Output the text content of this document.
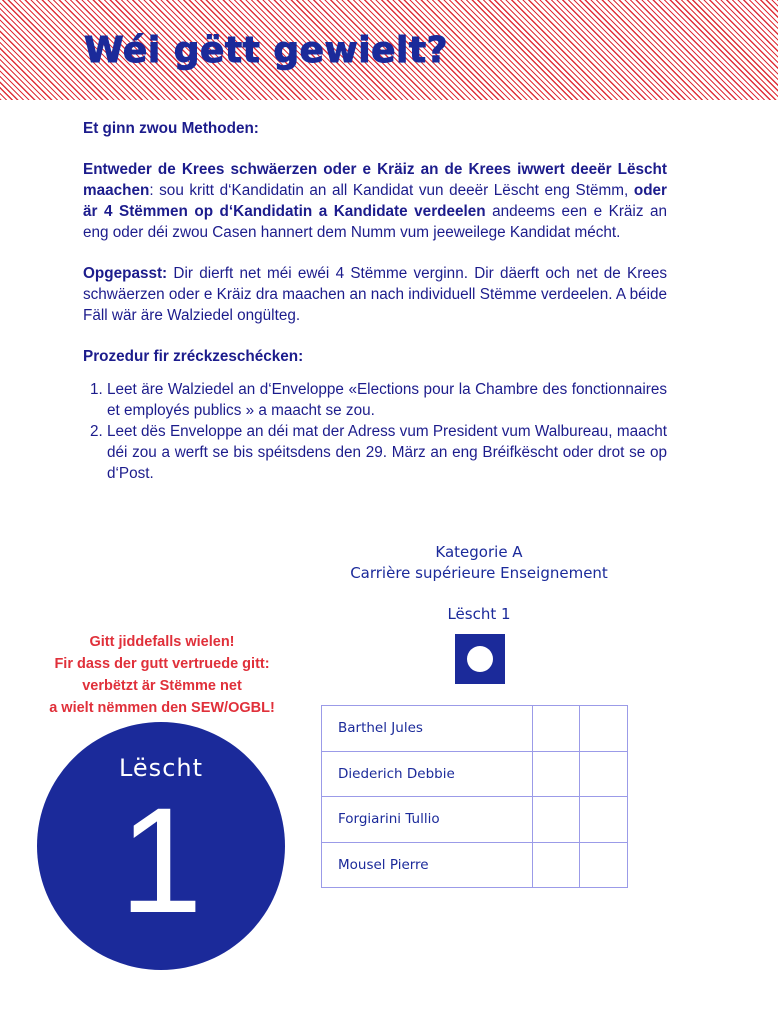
Wéi gëtt gewielt?

Et ginn zwou Methoden:

Entweder de Krees schwäerzen oder e Kräiz an de Krees iwwert deeër Lëscht maachen: sou kritt d‘Kandidatin an all Kandidat vun deeër Lëscht eng Stëmm, oder är 4 Stëmmen op d‘Kandidatin a Kandidate verdeelen andeems een e Kräiz an eng oder déi zwou Casen hannert dem Numm vum jeeweilege Kandidat mécht.

Opgepasst: Dir dierft net méi ewéi 4 Stëmme verginn. Dir däerft och net de Krees schwäerzen oder e Kräiz dra maachen an nach individuell Stëmme verdeelen. A béide Fäll wär äre Walziedel ongülteg.

Prozedur fir zréckzeschécken:

1. Leet äre Walziedel an d‘Enveloppe «Elections pour la Chambre des fonctionnaires et employés publics » a maacht se zou.
2. Leet dës Enveloppe an déi mat der Adress vum President vum Walbureau, maacht déi zou a werft se bis spéitsdens den 29. März an eng Bréifkëscht oder drot se op d‘Post.
Kategorie A
Carrière supérieure Enseignement
Lëscht 1
Barthel Jules
Diederich Debbie
Forgiarini Tullio
Mousel Pierre
Gitt jiddefalls wielen!
Fir dass der gutt vertruede gitt:
verbëtzt är Stëmme net
a wielt nëmmen den SEW/OGBL!
Lëscht
1
